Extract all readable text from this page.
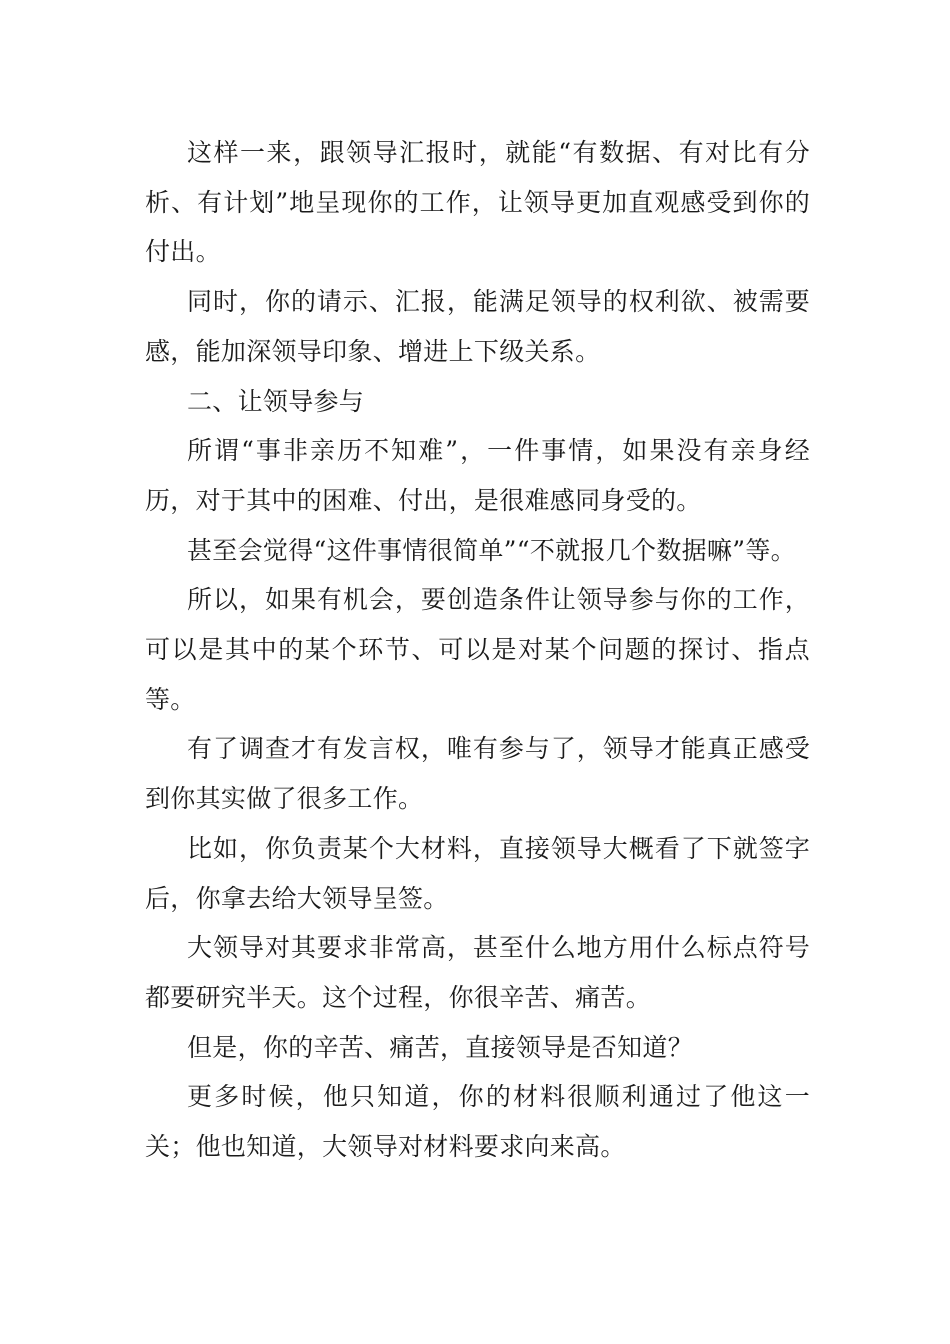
这样一来，跟领导汇报时，就能“有数据、有对比有分析、有计划”地呈现你的工作，让领导更加直观感受到你的付出。

同时，你的请示、汇报，能满足领导的权利欲、被需要感，能加深领导印象、增进上下级关系。

二、让领导参与

所谓“事非亲历不知难”，一件事情，如果没有亲身经历，对于其中的困难、付出，是很难感同身受的。

甚至会觉得“这件事情很简单”“不就报几个数据嘛”等。

所以，如果有机会，要创造条件让领导参与你的工作，可以是其中的某个环节、可以是对某个问题的探讨、指点等。

有了调查才有发言权，唯有参与了，领导才能真正感受到你其实做了很多工作。

比如，你负责某个大材料，直接领导大概看了下就签字后，你拿去给大领导呈签。

大领导对其要求非常高，甚至什么地方用什么标点符号都要研究半天。这个过程，你很辛苦、痛苦。

但是，你的辛苦、痛苦，直接领导是否知道？

更多时候，他只知道，你的材料很顺利通过了他这一关；他也知道，大领导对材料要求向来高。
